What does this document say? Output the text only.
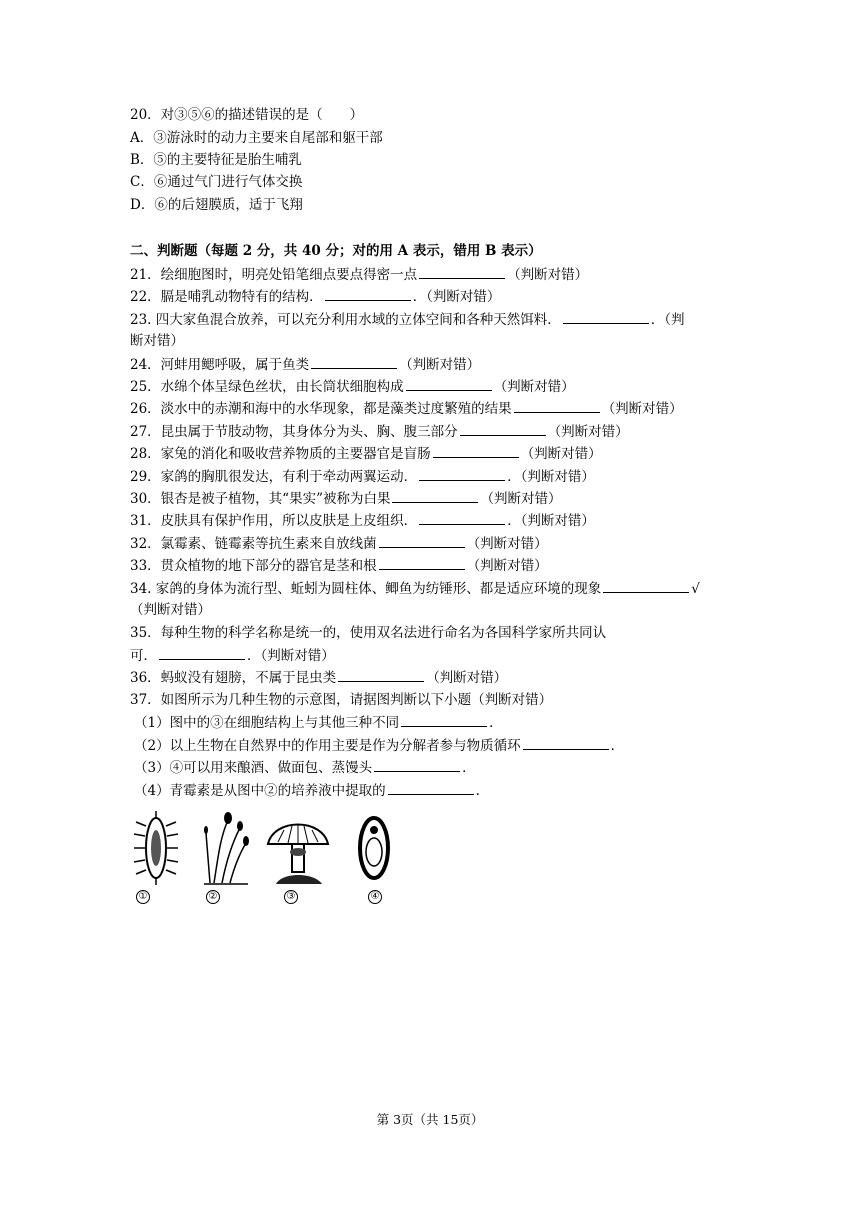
20．对③⑤⑥的描述错误的是（　　）
A．③游泳时的动力主要来自尾部和躯干部
B．⑤的主要特征是胎生哺乳
C．⑥通过气门进行气体交换
D．⑥的后翅膜质，适于飞翔
二、判断题（每题 2 分，共 40 分；对的用 A 表示，错用 B 表示）
21．绘细胞图时，明亮处铅笔细点要点得密一点	（判断对错）
22．膈是哺乳动物特有的结构．	．（判断对错）
23. 四大家鱼混合放养，可以充分利用水域的立体空间和各种天然饵料．	．（判
断对错）
24．河蚌用鳃呼吸，属于鱼类	（判断对错）
25．水绵个体呈绿色丝状，由长筒状细胞构成	（判断对错）
26．淡水中的赤潮和海中的水华现象，都是藻类过度繁殖的结果	（判断对错）
27．昆虫属于节肢动物，其身体分为头、胸、腹三部分	（判断对错）
28．家兔的消化和吸收营养物质的主要器官是盲肠	（判断对错）
29．家鸽的胸肌很发达，有利于牵动两翼运动．	．（判断对错）
30．银杏是被子植物，其“果实”被称为白果	（判断对错）
31．皮肤具有保护作用，所以皮肤是上皮组织．	．（判断对错）
32．氯霉素、链霉素等抗生素来自放线菌	（判断对错）
33．贯众植物的地下部分的器官是茎和根	（判断对错）
34. 家鸽的身体为流行型、蚯蚓为圆柱体、鲫鱼为纺锤形、都是适应环境的现象	√
（判断对错）
35．每种生物的科学名称是统一的，使用双名法进行命名为各国科学家所共同认
可．	．（判断对错）
36．蚂蚁没有翅膀，不属于昆虫类	（判断对错）
37．如图所示为几种生物的示意图，请据图判断以下小题（判断对错）
（1）图中的③在细胞结构上与其他三种不同	．
（2）以上生物在自然界中的作用主要是作为分解者参与物质循环	．
（3）④可以用来酿酒、做面包、蒸馒头	．
（4）青霉素是从图中②的培养液中提取的	．
①	②	③	④
第 3页（共 15页）
